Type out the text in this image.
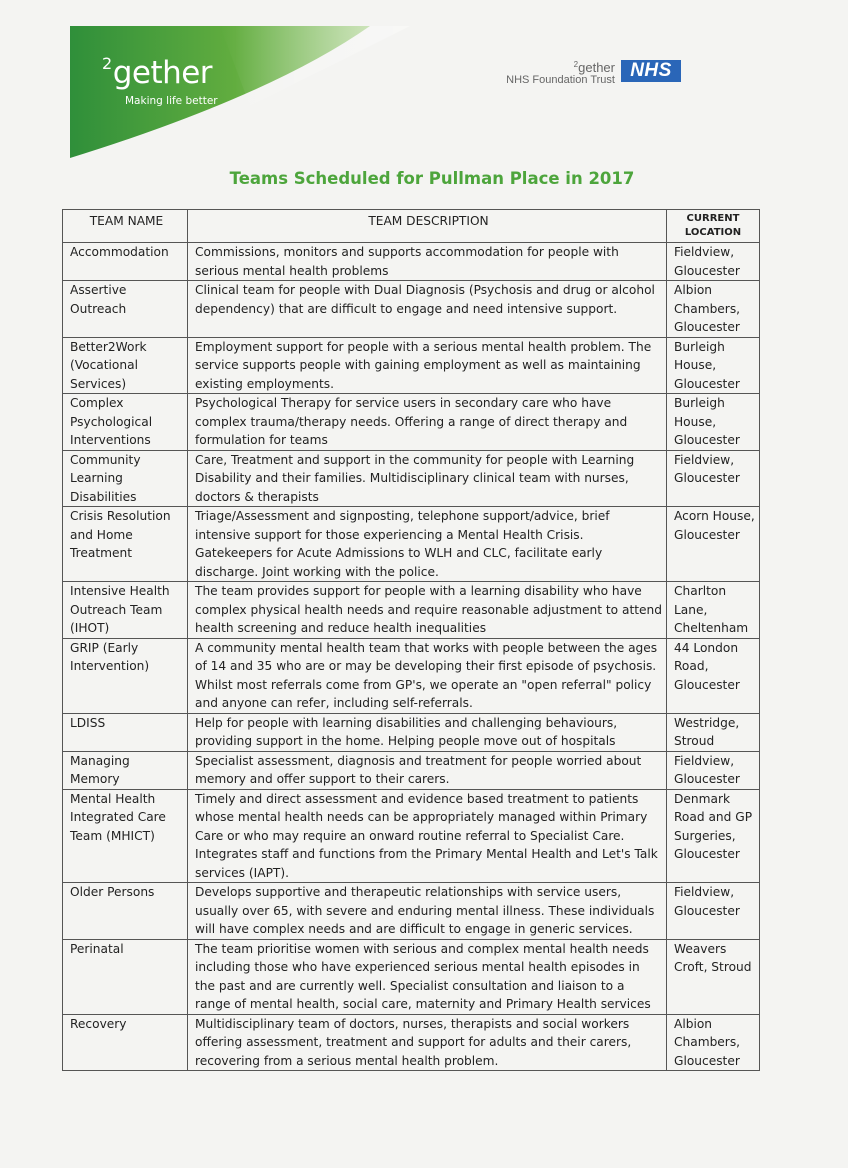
$^2$gether
Making life better
$^2$gether
NHS Foundation Trust NHS
Teams Scheduled for Pullman Place in 2017
TEAM NAME	TEAM DESCRIPTION	CURRENT LOCATION
Accommodation	Commissions, monitors and supports accommodation for people with serious mental health problems	Fieldview, Gloucester
Assertive Outreach	Clinical team for people with Dual Diagnosis (Psychosis and drug or alcohol dependency) that are difficult to engage and need intensive support.	Albion Chambers, Gloucester
Better2Work (Vocational Services)	Employment support for people with a serious mental health problem. The service supports people with gaining employment as well as maintaining existing employments.	Burleigh House, Gloucester
Complex Psychological Interventions	Psychological Therapy for service users in secondary care who have complex trauma/therapy needs. Offering a range of direct therapy and formulation for teams	Burleigh House, Gloucester
Community Learning Disabilities	Care, Treatment and support in the community for people with Learning Disability and their families. Multidisciplinary clinical team with nurses, doctors & therapists	Fieldview, Gloucester
Crisis Resolution and Home Treatment	Triage/Assessment and signposting, telephone support/advice, brief intensive support for those experiencing a Mental Health Crisis. Gatekeepers for Acute Admissions to WLH and CLC, facilitate early discharge. Joint working with the police.	Acorn House, Gloucester
Intensive Health Outreach Team (IHOT)	The team provides support for people with a learning disability who have complex physical health needs and require reasonable adjustment to attend health screening and reduce health inequalities	Charlton Lane, Cheltenham
GRIP (Early Intervention)	A community mental health team that works with people between the ages of 14 and 35 who are or may be developing their first episode of psychosis. Whilst most referrals come from GP's, we operate an "open referral" policy and anyone can refer, including self-referrals.	44 London Road, Gloucester
LDISS	Help for people with learning disabilities and challenging behaviours, providing support in the home. Helping people move out of hospitals	Westridge, Stroud
Managing Memory	Specialist assessment, diagnosis and treatment for people worried about memory and offer support to their carers.	Fieldview, Gloucester
Mental Health Integrated Care Team (MHICT)	Timely and direct assessment and evidence based treatment to patients whose mental health needs can be appropriately managed within Primary Care or who may require an onward routine referral to Specialist Care. Integrates staff and functions from the Primary Mental Health and Let's Talk services (IAPT).	Denmark Road and GP Surgeries, Gloucester
Older Persons	Develops supportive and therapeutic relationships with service users, usually over 65, with severe and enduring mental illness. These individuals will have complex needs and are difficult to engage in generic services.	Fieldview, Gloucester
Perinatal	The team prioritise women with serious and complex mental health needs including those who have experienced serious mental health episodes in the past and are currently well. Specialist consultation and liaison to a range of mental health, social care, maternity and Primary Health services	Weavers Croft, Stroud
Recovery	Multidisciplinary team of doctors, nurses, therapists and social workers offering assessment, treatment and support for adults and their carers, recovering from a serious mental health problem.	Albion Chambers, Gloucester
